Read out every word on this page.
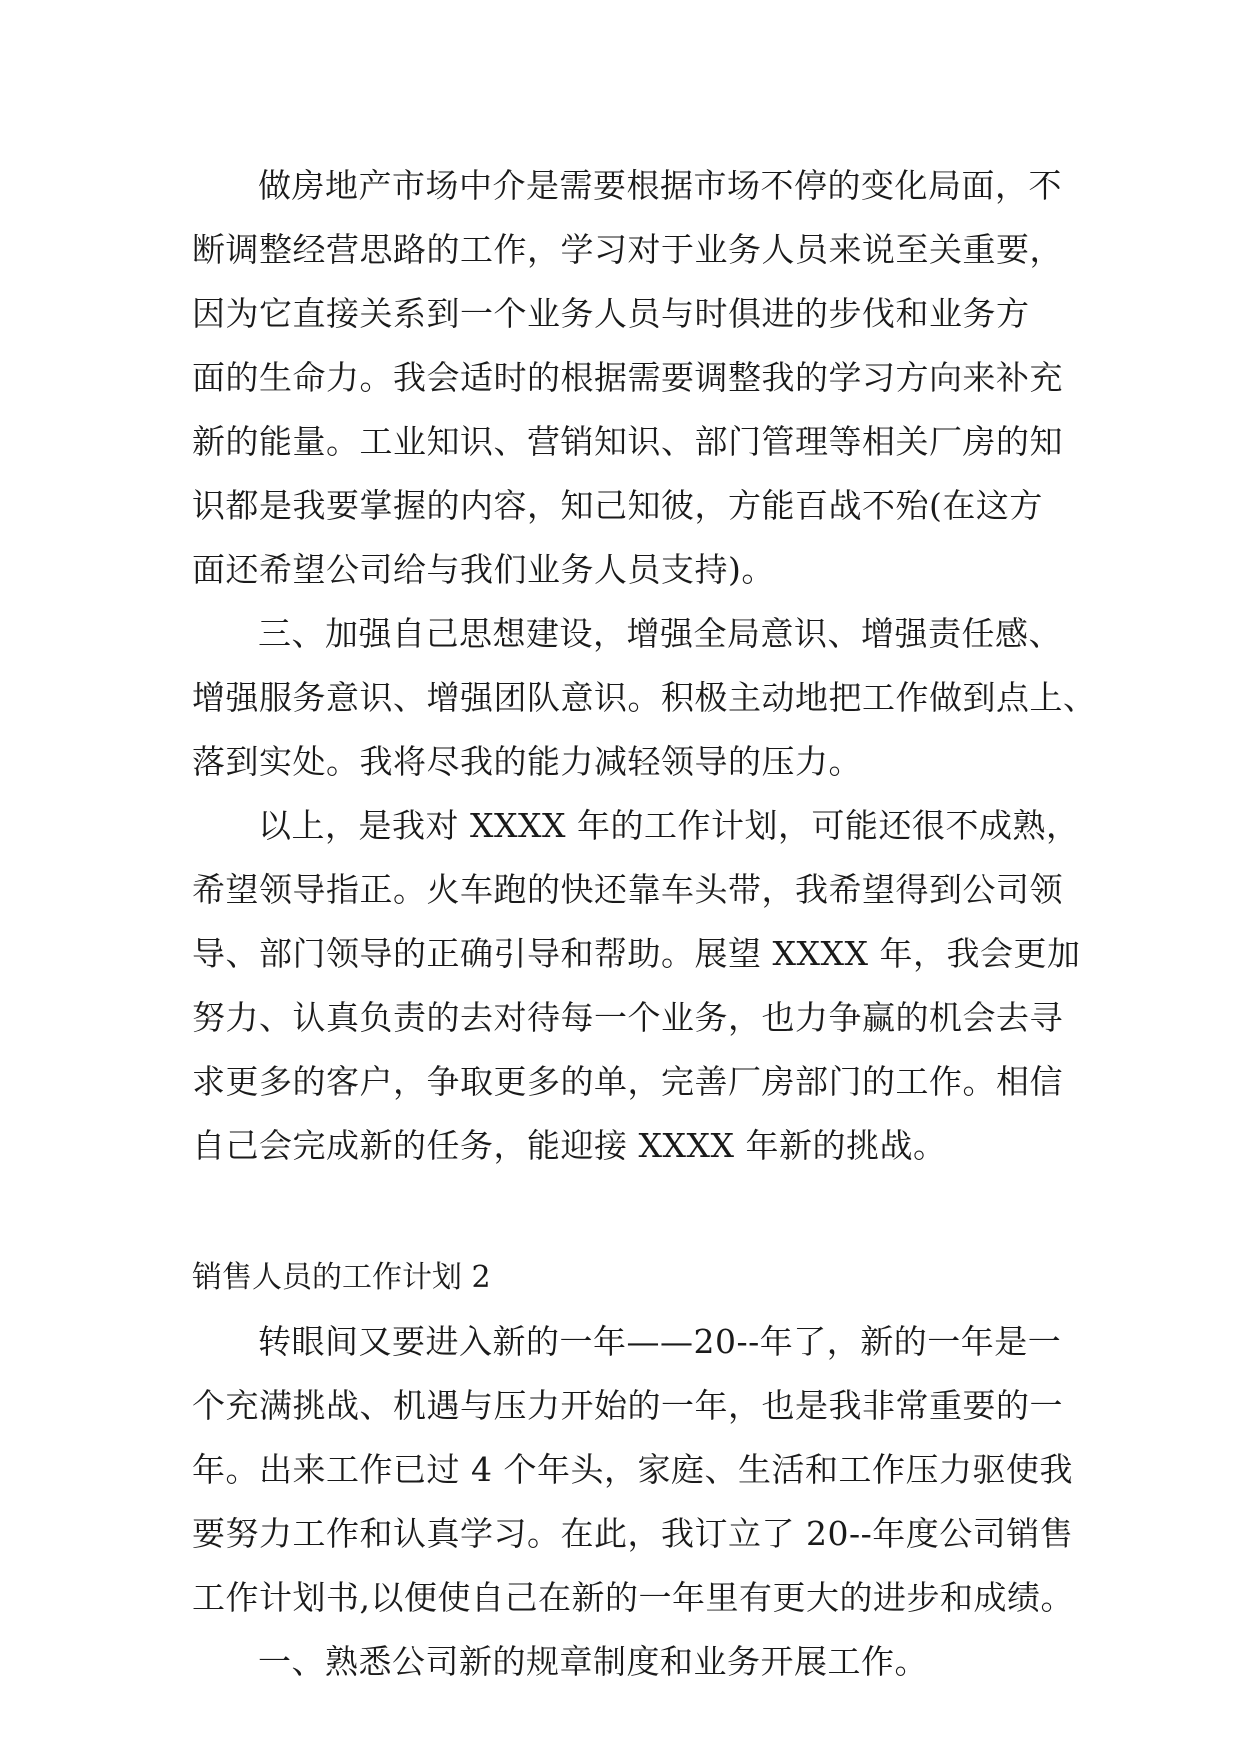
做房地产市场中介是需要根据市场不停的变化局面，不
断调整经营思路的工作，学习对于业务人员来说至关重要，
因为它直接关系到一个业务人员与时俱进的步伐和业务方
面的生命力。我会适时的根据需要调整我的学习方向来补充
新的能量。工业知识、营销知识、部门管理等相关厂房的知
识都是我要掌握的内容，知己知彼，方能百战不殆(在这方
面还希望公司给与我们业务人员支持)。
三、加强自己思想建设，增强全局意识、增强责任感、
增强服务意识、增强团队意识。积极主动地把工作做到点上、
落到实处。我将尽我的能力减轻领导的压力。
以上，是我对 XXXX 年的工作计划，可能还很不成熟，
希望领导指正。火车跑的快还靠车头带，我希望得到公司领
导、部门领导的正确引导和帮助。展望 XXXX 年，我会更加
努力、认真负责的去对待每一个业务，也力争赢的机会去寻
求更多的客户，争取更多的单，完善厂房部门的工作。相信
自己会完成新的任务，能迎接 XXXX 年新的挑战。
销售人员的工作计划 2
转眼间又要进入新的一年——20--年了，新的一年是一
个充满挑战、机遇与压力开始的一年，也是我非常重要的一
年。出来工作已过 4 个年头，家庭、生活和工作压力驱使我
要努力工作和认真学习。在此，我订立了 20--年度公司销售
工作计划书,以便使自己在新的一年里有更大的进步和成绩。
一、熟悉公司新的规章制度和业务开展工作。
